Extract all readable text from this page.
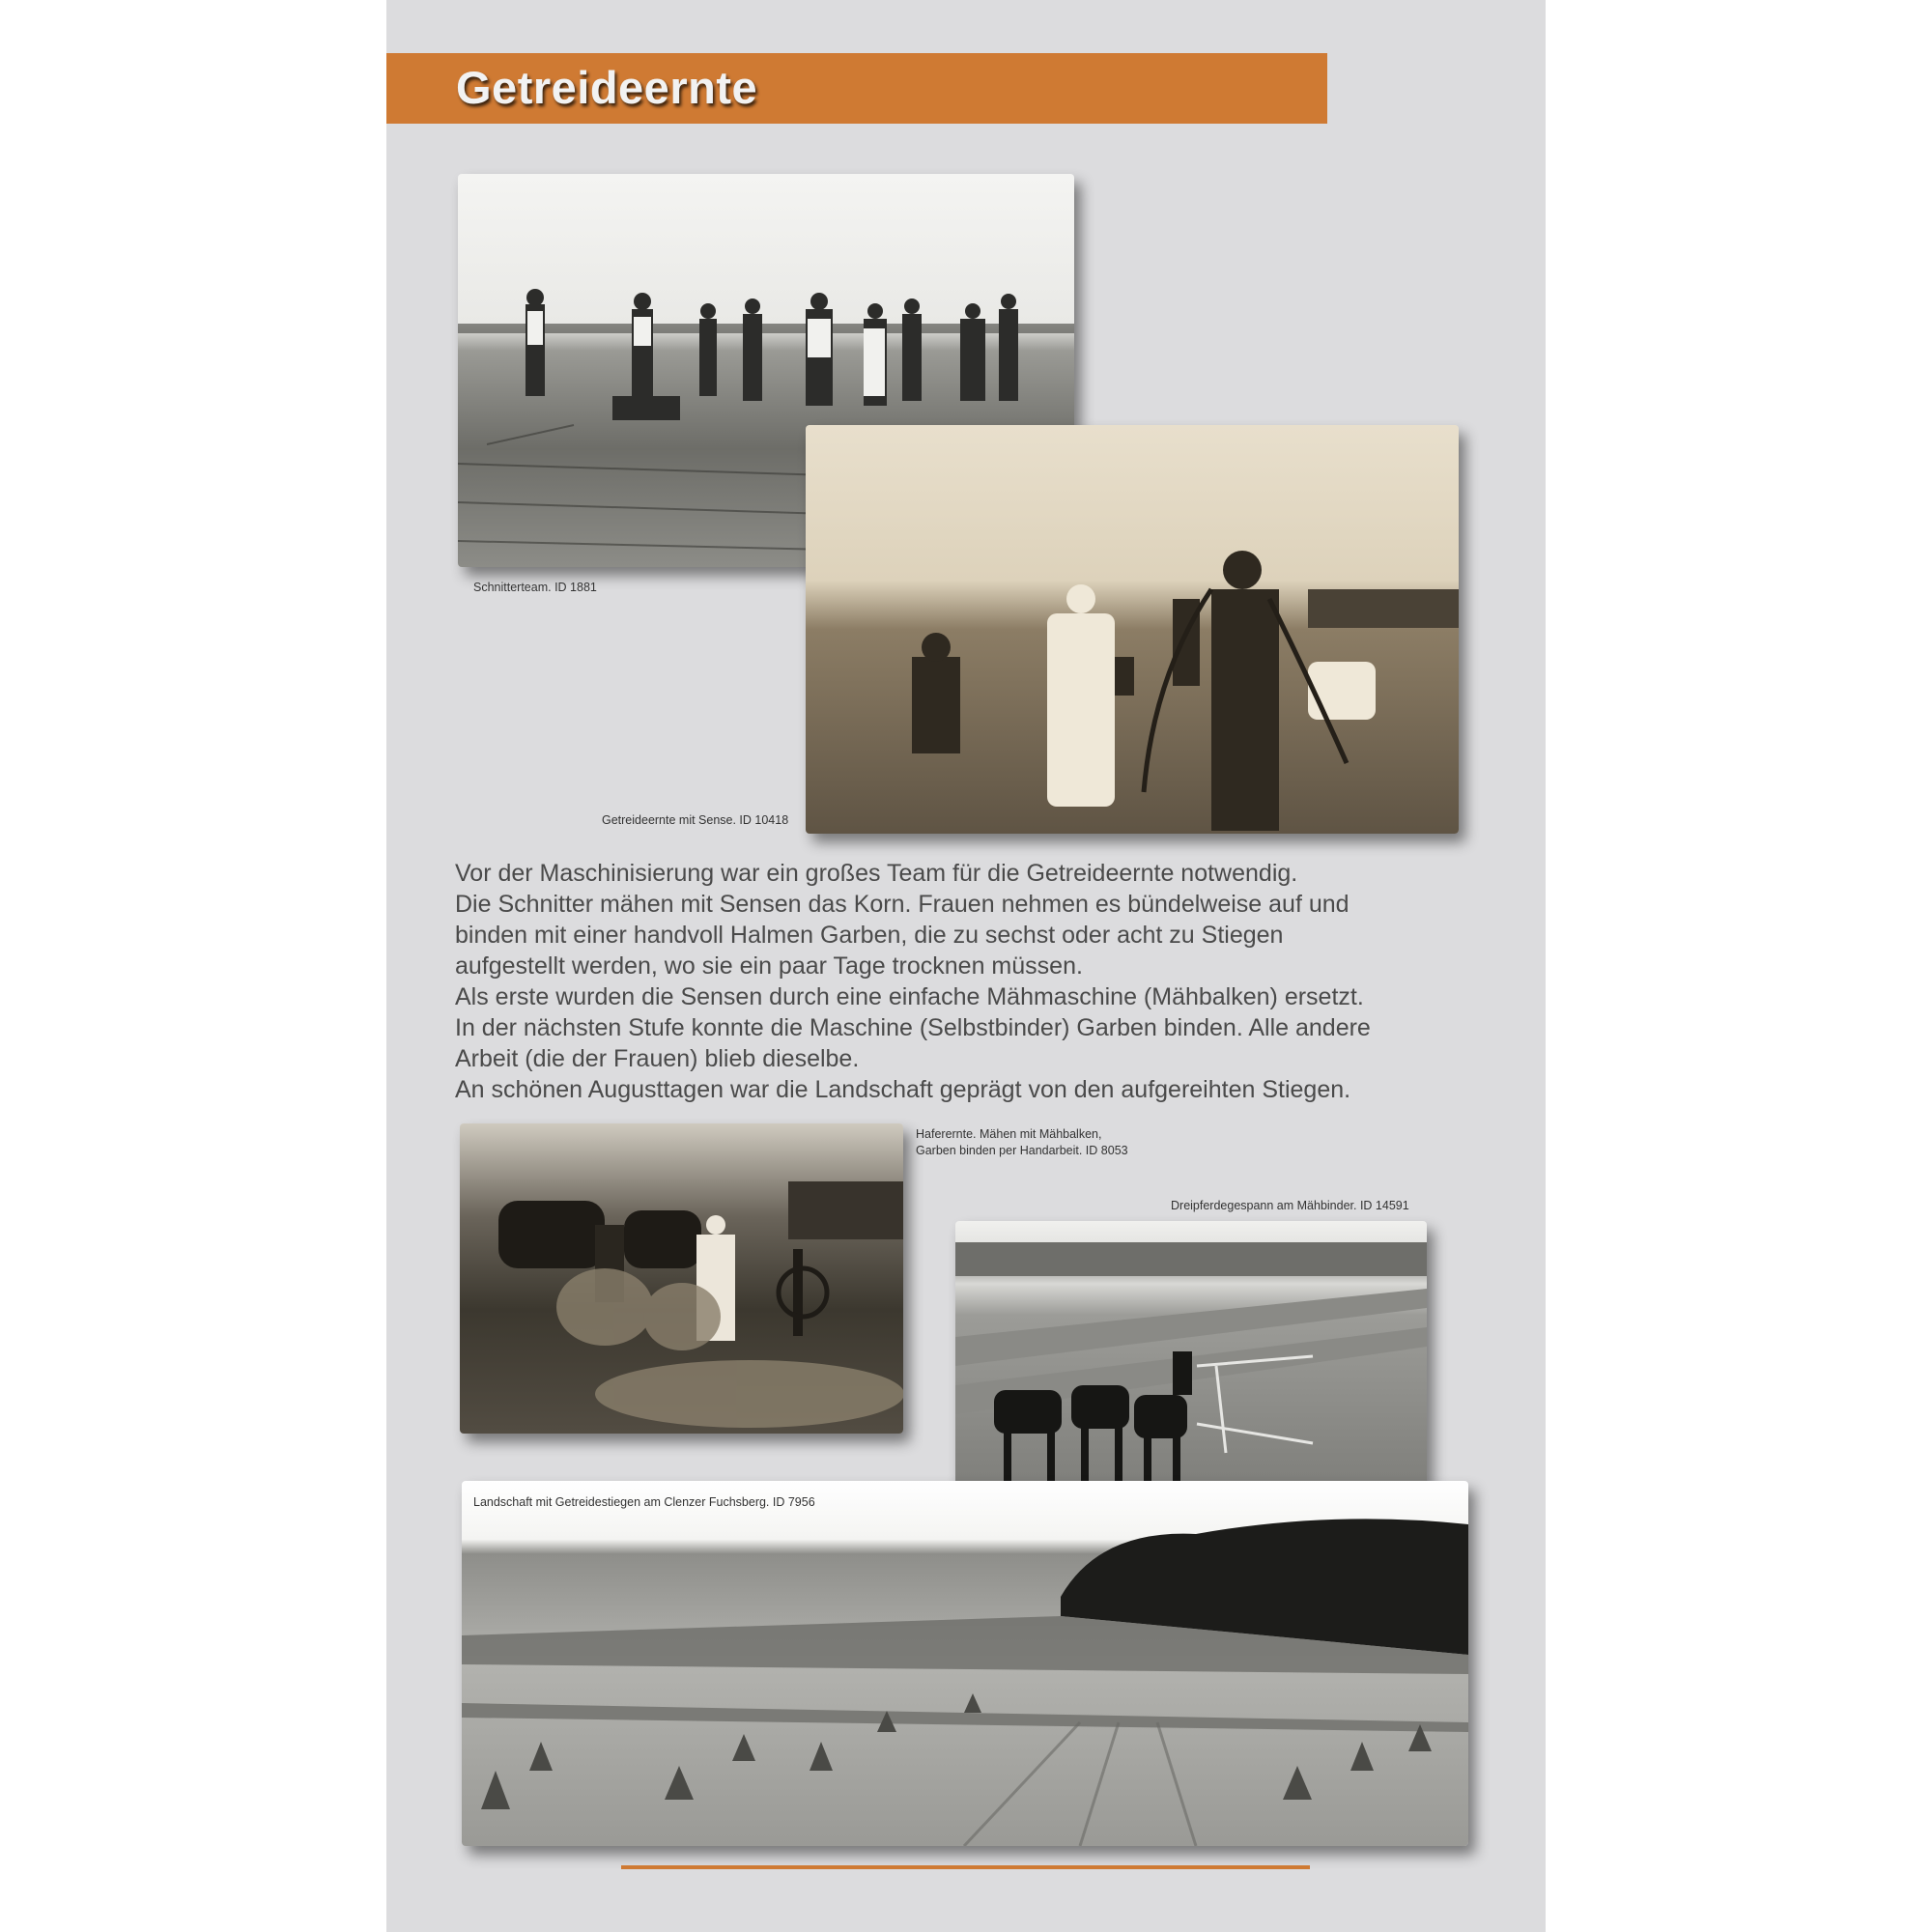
Getreideernte
Schnitterteam. ID 1881
Getreideernte mit Sense. ID 10418
Vor der Maschinisierung war ein großes Team für die Getreideernte notwendig.
Die Schnitter mähen mit Sensen das Korn. Frauen nehmen es bündelweise auf und
binden mit einer handvoll Halmen Garben, die zu sechst oder acht zu Stiegen
aufgestellt werden, wo sie ein paar Tage trocknen müssen.
Als erste wurden die Sensen durch eine einfache Mähmaschine (Mähbalken) ersetzt.
In der nächsten Stufe konnte die Maschine (Selbstbinder) Garben binden. Alle andere
Arbeit (die der Frauen) blieb dieselbe.
An schönen Augusttagen war die Landschaft geprägt von den aufgereihten Stiegen.
Haferernte. Mähen mit Mähbalken,
Garben binden per Handarbeit. ID 8053
Dreipferdegespann am Mähbinder. ID 14591
Landschaft mit Getreidestiegen am Clenzer Fuchsberg. ID 7956
